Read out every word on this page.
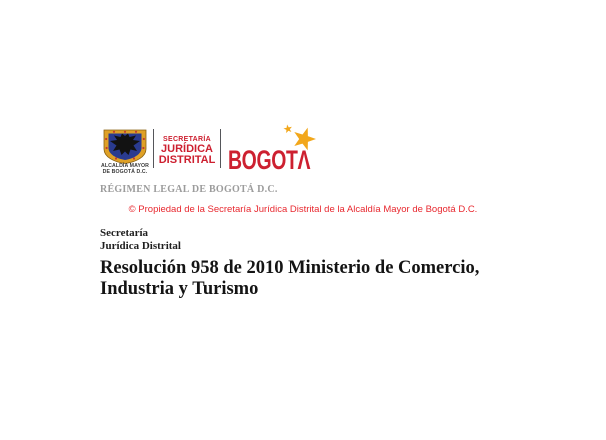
ALCALDÍA MAYOR
DE BOGOTÁ D.C.
SECRETARÍA
JURÍDICA
DISTRITAL BOGOTΛ
RÉGIMEN LEGAL DE BOGOTÁ D.C.
© Propiedad de la Secretaría Jurídica Distrital de la Alcaldía Mayor de Bogotá D.C.
Secretaría
Jurídica Distrital
Resolución 958 de 2010 Ministerio de Comercio,
Industria y Turismo
